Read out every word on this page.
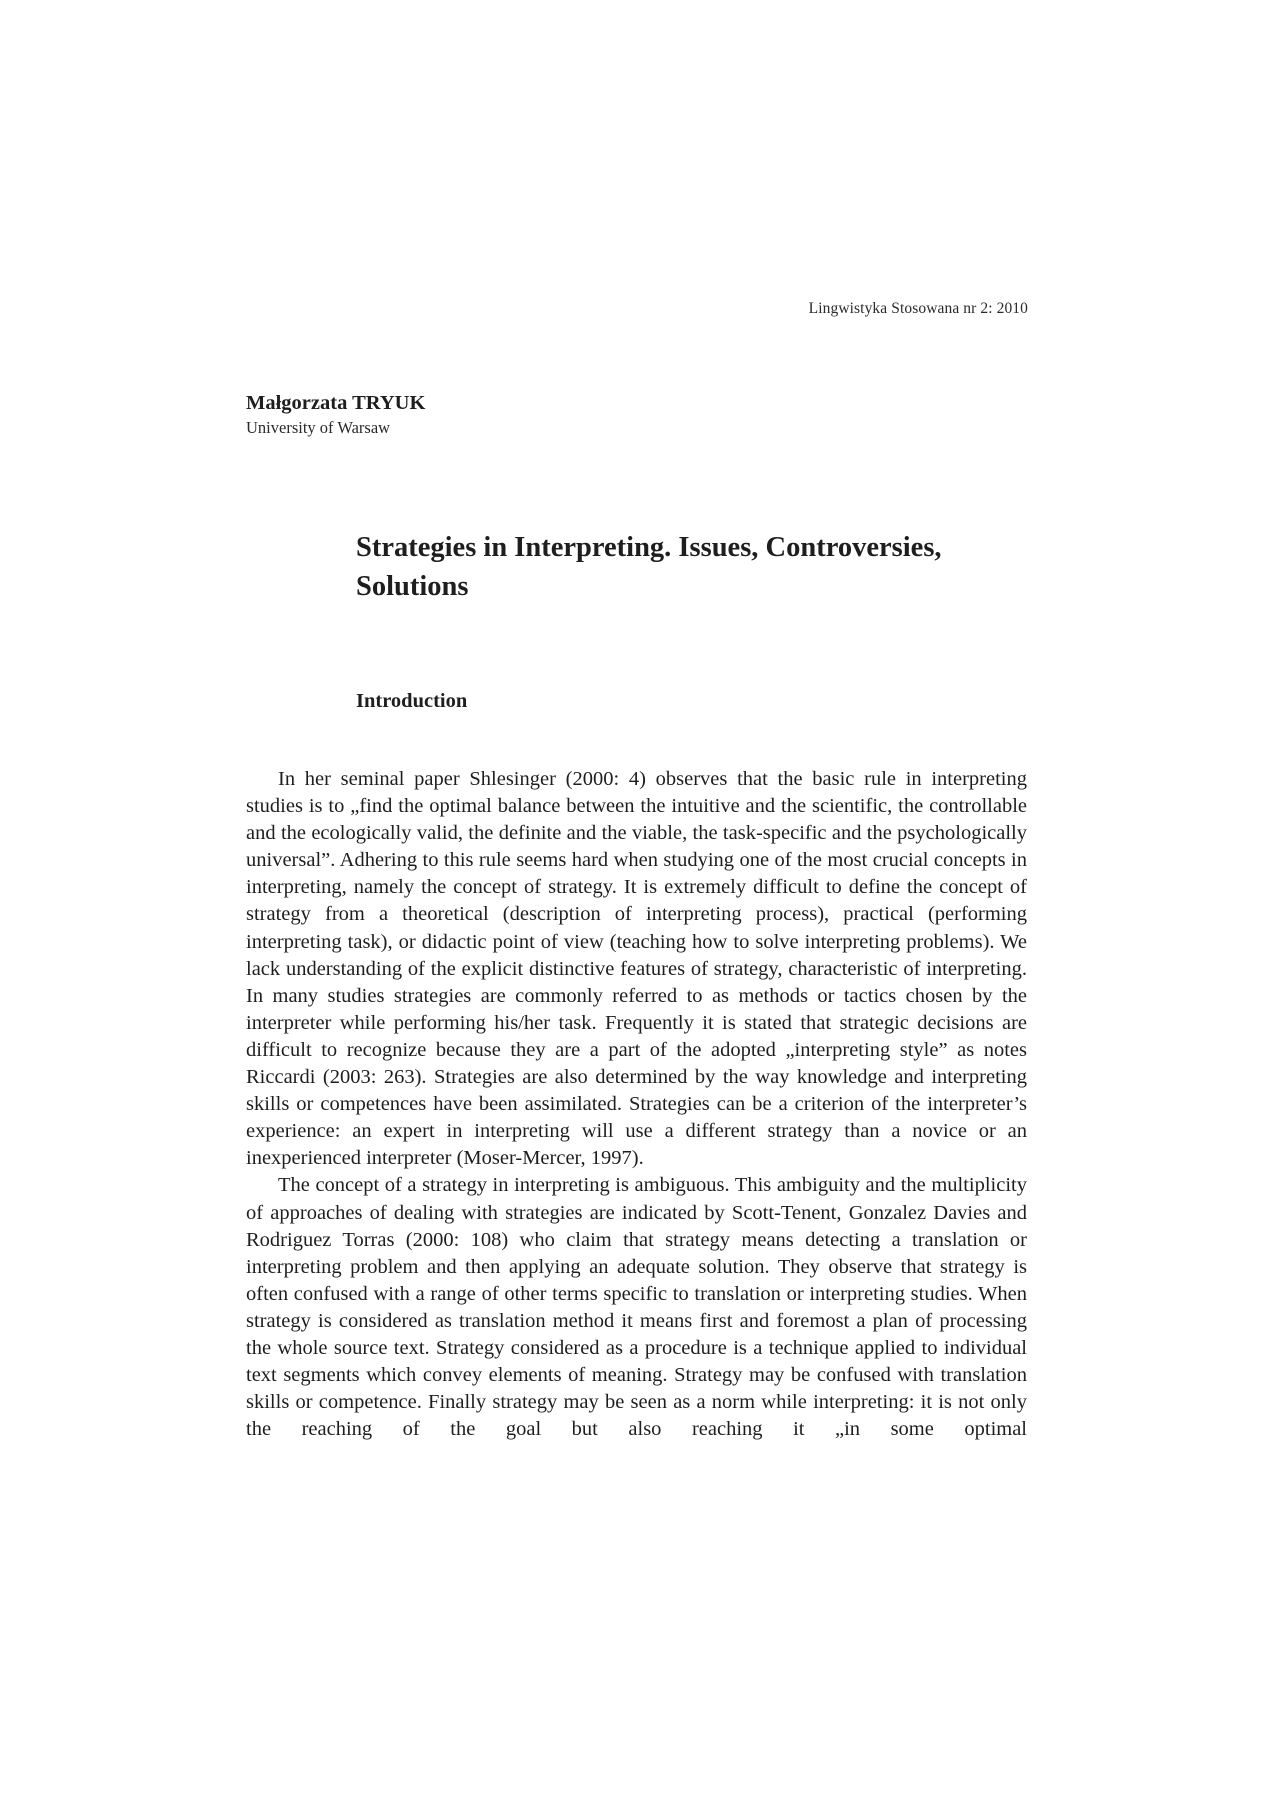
Lingwistyka Stosowana nr 2: 2010
Małgorzata TRYUK
University of Warsaw
Strategies in Interpreting. Issues, Controversies, Solutions
Introduction

In her seminal paper Shlesinger (2000: 4) observes that the basic rule in interpreting studies is to „find the optimal balance between the intuitive and the scientific, the controllable and the ecologically valid, the definite and the viable, the task-specific and the psychologically universal”. Adhering to this rule seems hard when studying one of the most crucial concepts in interpreting, namely the concept of strategy. It is extremely difficult to define the concept of strategy from a theoretical (description of interpreting process), practical (performing interpreting task), or didactic point of view (teaching how to solve interpreting problems). We lack understanding of the explicit distinctive features of strategy, characteristic of interpreting. In many studies strategies are commonly referred to as methods or tactics chosen by the interpreter while performing his/her task. Frequently it is stated that strategic decisions are difficult to recognize because they are a part of the adopted „interpreting style” as notes Riccardi (2003: 263). Strategies are also determined by the way knowledge and interpreting skills or competences have been assimilated. Strategies can be a criterion of the interpreter’s experience: an expert in interpreting will use a different strategy than a novice or an inexperienced interpreter (Moser-Mercer, 1997).

The concept of a strategy in interpreting is ambiguous. This ambiguity and the multiplicity of approaches of dealing with strategies are indicated by Scott-Tenent, Gonzalez Davies and Rodriguez Torras (2000: 108) who claim that strategy means detecting a translation or interpreting problem and then applying an adequate solution. They observe that strategy is often confused with a range of other terms specific to translation or interpreting studies. When strategy is considered as translation method it means first and foremost a plan of processing the whole source text. Strategy considered as a procedure is a technique applied to individual text segments which convey elements of meaning. Strategy may be confused with translation skills or competence. Finally strategy may be seen as a norm while interpreting: it is not only the reaching of the goal but also reaching it „in some optimal
